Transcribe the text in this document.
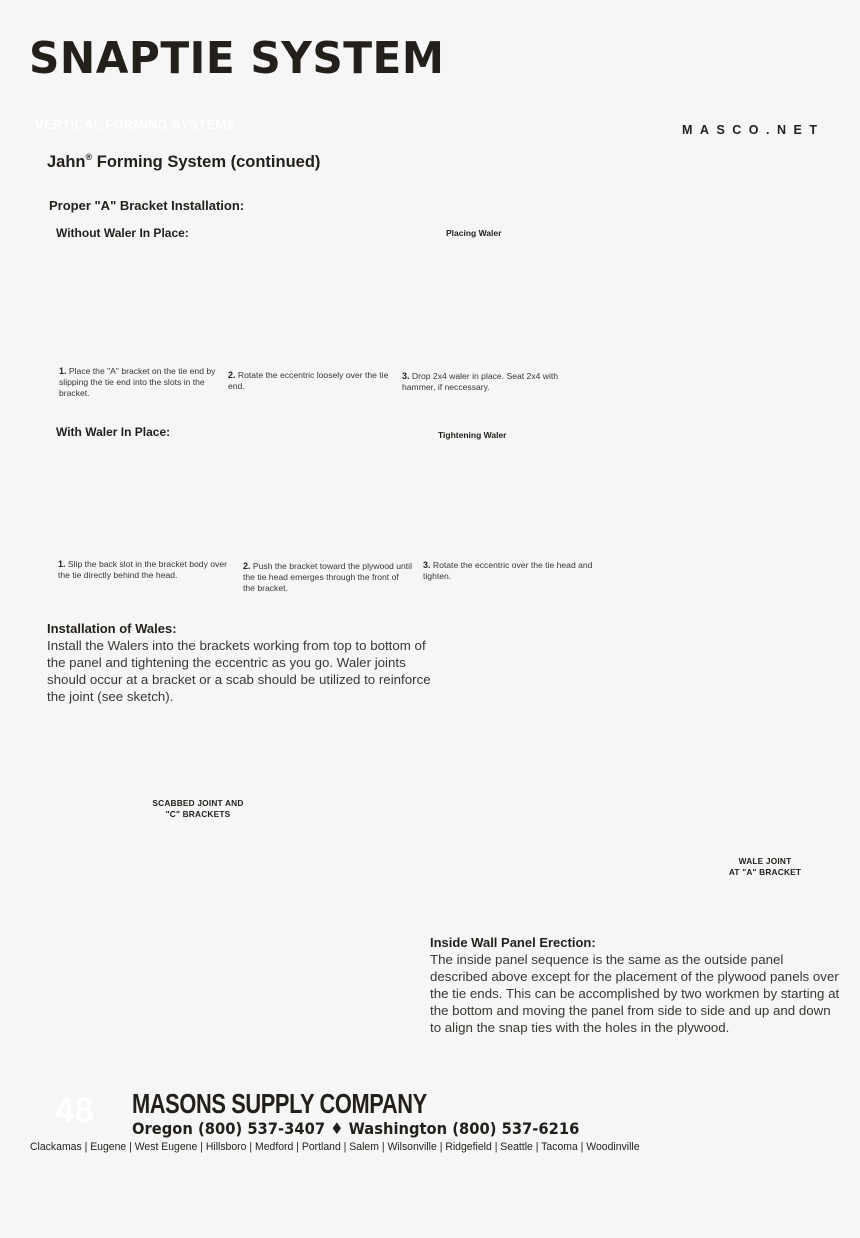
SNAPTIE SYSTEM
VERTICAL FORMING SYSTEMS	MASCO.NET
Jahn® Forming System (continued)
Proper "A" Bracket Installation:
Without Waler In Place:	Placing Waler
1. Place the "A" bracket on the tie end by slipping the tie end into the slots in the bracket.
2. Rotate the eccentric loosely over the tie end.
3. Drop 2x4 waler in place. Seat 2x4 with hammer, if neccessary.
With Waler In Place:	Tightening Waler
1. Slip the back slot in the bracket body over the tie directly behind the head.
2. Push the bracket toward the plywood until the tie head emerges through the front of the bracket.
3. Rotate the eccentric over the tie head and tighten.
Installation of Wales:
Install the Walers into the brackets working from top to bottom of the panel and tightening the eccentric as you go. Waler joints should occur at a bracket or a scab should be utilized to reinforce the joint (see sketch).
SCABBED JOINT AND
"C" BRACKETS
WALE JOINT
AT "A" BRACKET
Inside Wall Panel Erection:
The inside panel sequence is the same as the outside panel described above except for the placement of the plywood panels over the tie ends. This can be accomplished by two workmen by starting at the bottom and moving the panel from side to side and up and down to align the snap ties with the holes in the plywood.
48 MASONS SUPPLY COMPANY
Oregon (800) 537-3407 ♦ Washington (800) 537-6216
Clackamas | Eugene | West Eugene | Hillsboro | Medford | Portland | Salem | Wilsonville | Ridgefield | Seattle | Tacoma | Woodinville
